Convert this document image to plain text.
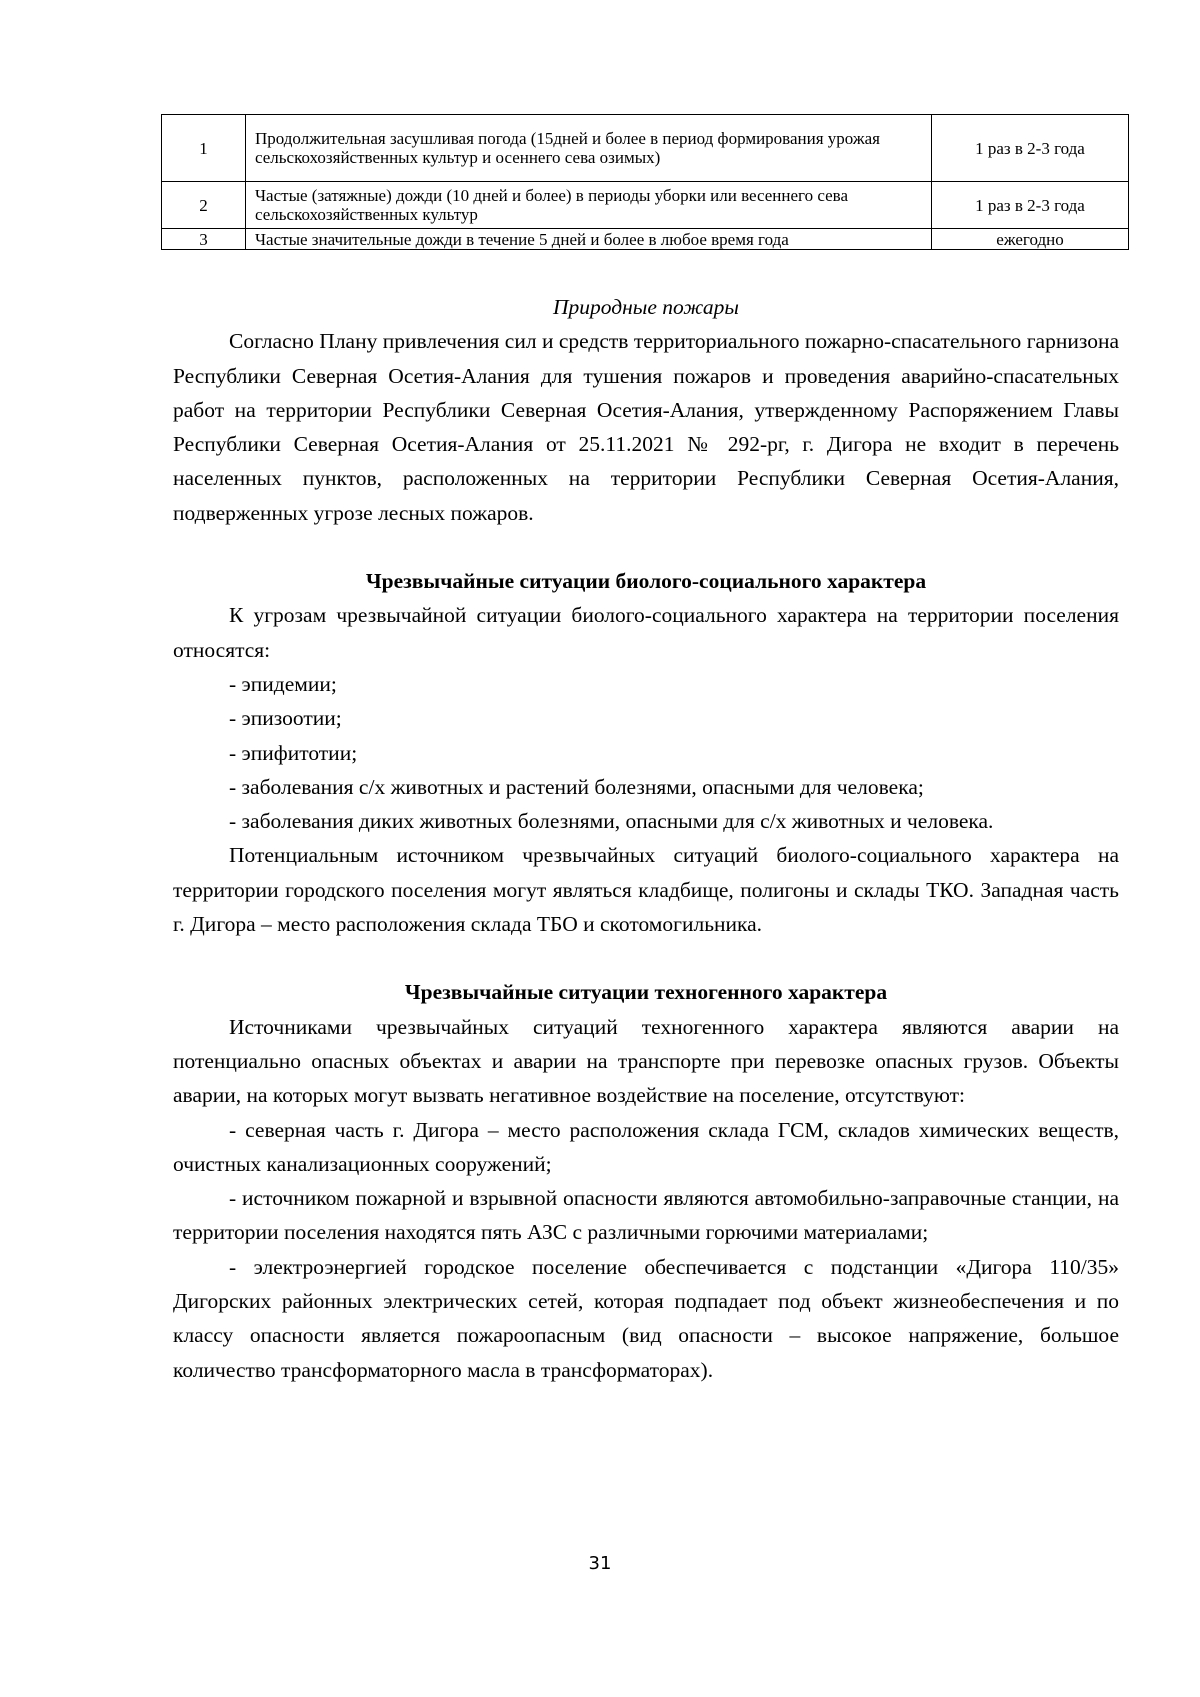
1	Продолжительная засушливая погода (15дней и более в период формирования урожая сельскохозяйственных культур и осеннего сева озимых)	1 раз в 2-3 года
2	Частые (затяжные) дожди (10 дней и более) в периоды уборки или весеннего сева сельскохозяйственных культур	1 раз в 2-3 года
3	Частые значительные дожди в течение 5 дней и более в любое время года	ежегодно

Природные пожары

Согласно Плану привлечения сил и средств территориального пожарно-спасательного гарнизона Республики Северная Осетия-Алания для тушения пожаров и проведения аварийно-спасательных работ на территории Республики Северная Осетия-Алания, утвержденному Распоряжением Главы Республики Северная Осетия-Алания от 25.11.2021 № 292-рг, г. Дигора не входит в перечень населенных пунктов, расположенных на территории Республики Северная Осетия-Алания, подверженных угрозе лесных пожаров.

Чрезвычайные ситуации биолого-социального характера

К угрозам чрезвычайной ситуации биолого-социального характера на территории поселения относятся:

- эпидемии;

- эпизоотии;

- эпифитотии;

- заболевания с/х животных и растений болезнями, опасными для человека;

- заболевания диких животных болезнями, опасными для с/х животных и человека.

Потенциальным источником чрезвычайных ситуаций биолого-социального характера на территории городского поселения могут являться кладбище, полигоны и склады ТКО. Западная часть г. Дигора – место расположения склада ТБО и скотомогильника.

Чрезвычайные ситуации техногенного характера

Источниками чрезвычайных ситуаций техногенного характера являются аварии на потенциально опасных объектах и аварии на транспорте при перевозке опасных грузов. Объекты аварии, на которых могут вызвать негативное воздействие на поселение, отсутствуют:

- северная часть г. Дигора – место расположения склада ГСМ, складов химических веществ, очистных канализационных сооружений;

- источником пожарной и взрывной опасности являются автомобильно-заправочные станции, на территории поселения находятся пять АЗС с различными горючими материалами;

- электроэнергией городское поселение обеспечивается с подстанции «Дигора 110/35» Дигорских районных электрических сетей, которая подпадает под объект жизнеобеспечения и по классу опасности является пожароопасным (вид опасности – высокое напряжение, большое количество трансформаторного масла в трансформаторах).

31
